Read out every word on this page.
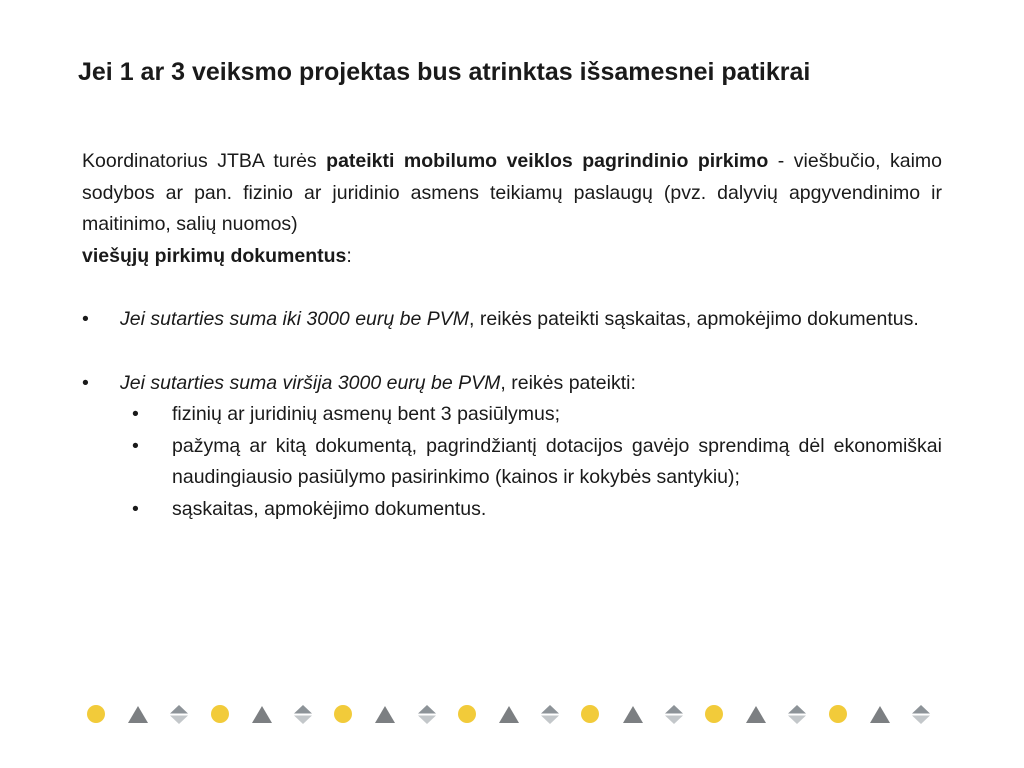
Jei 1 ar 3 veiksmo projektas bus atrinktas išsamesnei patikrai

Koordinatorius JTBA turės pateikti mobilumo veiklos pagrindinio pirkimo - viešbučio, kaimo sodybos ar pan. fizinio ar juridinio asmens teikiamų paslaugų (pvz. dalyvių apgyvendinimo ir maitinimo, salių nuomos)

viešųjų pirkimų dokumentus:

• Jei sutarties suma iki 3000 eurų be PVM, reikės pateikti sąskaitas, apmokėjimo dokumentus.
• Jei sutarties suma viršija 3000 eurų be PVM, reikės pateikti:
• fizinių ar juridinių asmenų bent 3 pasiūlymus;
• pažymą ar kitą dokumentą, pagrindžiantį dotacijos gavėjo sprendimą dėl ekonomiškai naudingiausio pasiūlymo pasirinkimo (kainos ir kokybės santykiu);
• sąskaitas, apmokėjimo dokumentus.
